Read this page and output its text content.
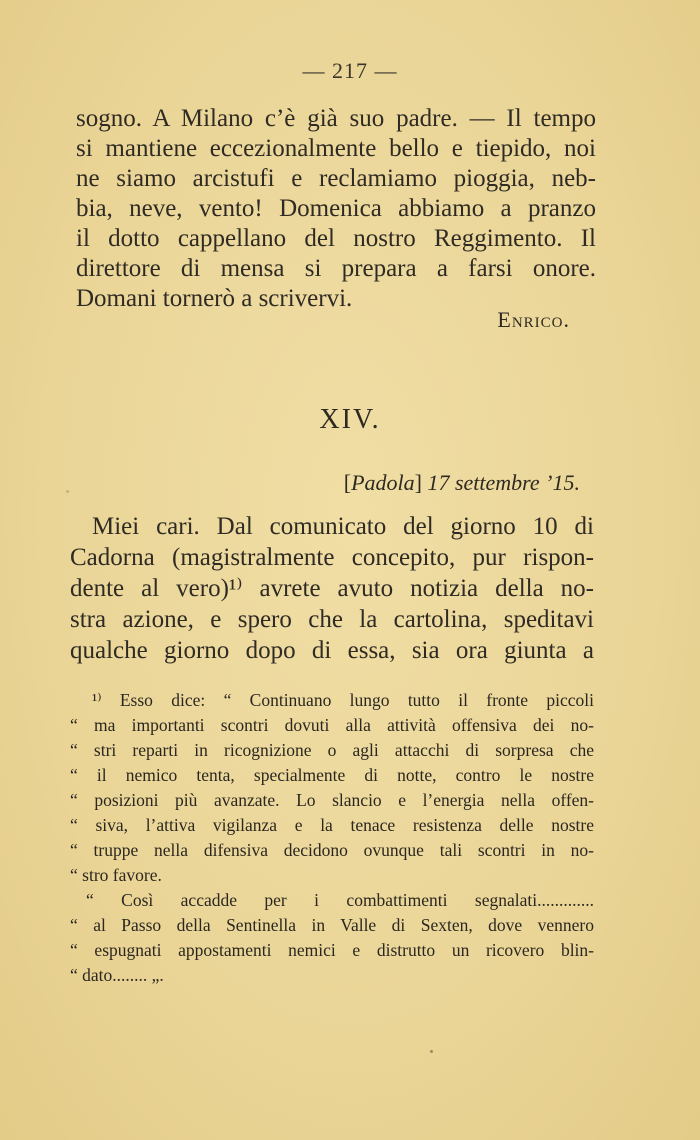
— 217 —
sogno. A Milano c’è già suo padre. — Il tempo
si mantiene eccezionalmente bello e tiepido, noi
ne siamo arcistufi e reclamiamo pioggia, neb-
bia, neve, vento! Domenica abbiamo a pranzo
il dotto cappellano del nostro Reggimento. Il
direttore di mensa si prepara a farsi onore.
Domani tornerò a scrivervi.
Enrico.
XIV.
[Padola] 17 settembre ’15.
Miei cari. Dal comunicato del giorno 10 di
Cadorna (magistralmente concepito, pur rispon-
dente al vero)¹⁾ avrete avuto notizia della no-
stra azione, e spero che la cartolina, speditavi
qualche giorno dopo di essa, sia ora giunta a
¹⁾ Esso dice: “ Continuano lungo tutto il fronte piccoli
“ ma importanti scontri dovuti alla attività offensiva dei no-
“ stri reparti in ricognizione o agli attacchi di sorpresa che
“ il nemico tenta, specialmente di notte, contro le nostre
“ posizioni più avanzate. Lo slancio e l’energia nella offen-
“ siva, l’attiva vigilanza e la tenace resistenza delle nostre
“ truppe nella difensiva decidono ovunque tali scontri in no-
“ stro favore.
“ Così accadde per i combattimenti segnalati.............
“ al Passo della Sentinella in Valle di Sexten, dove vennero
“ espugnati appostamenti nemici e distrutto un ricovero blin-
“ dato........ „.
